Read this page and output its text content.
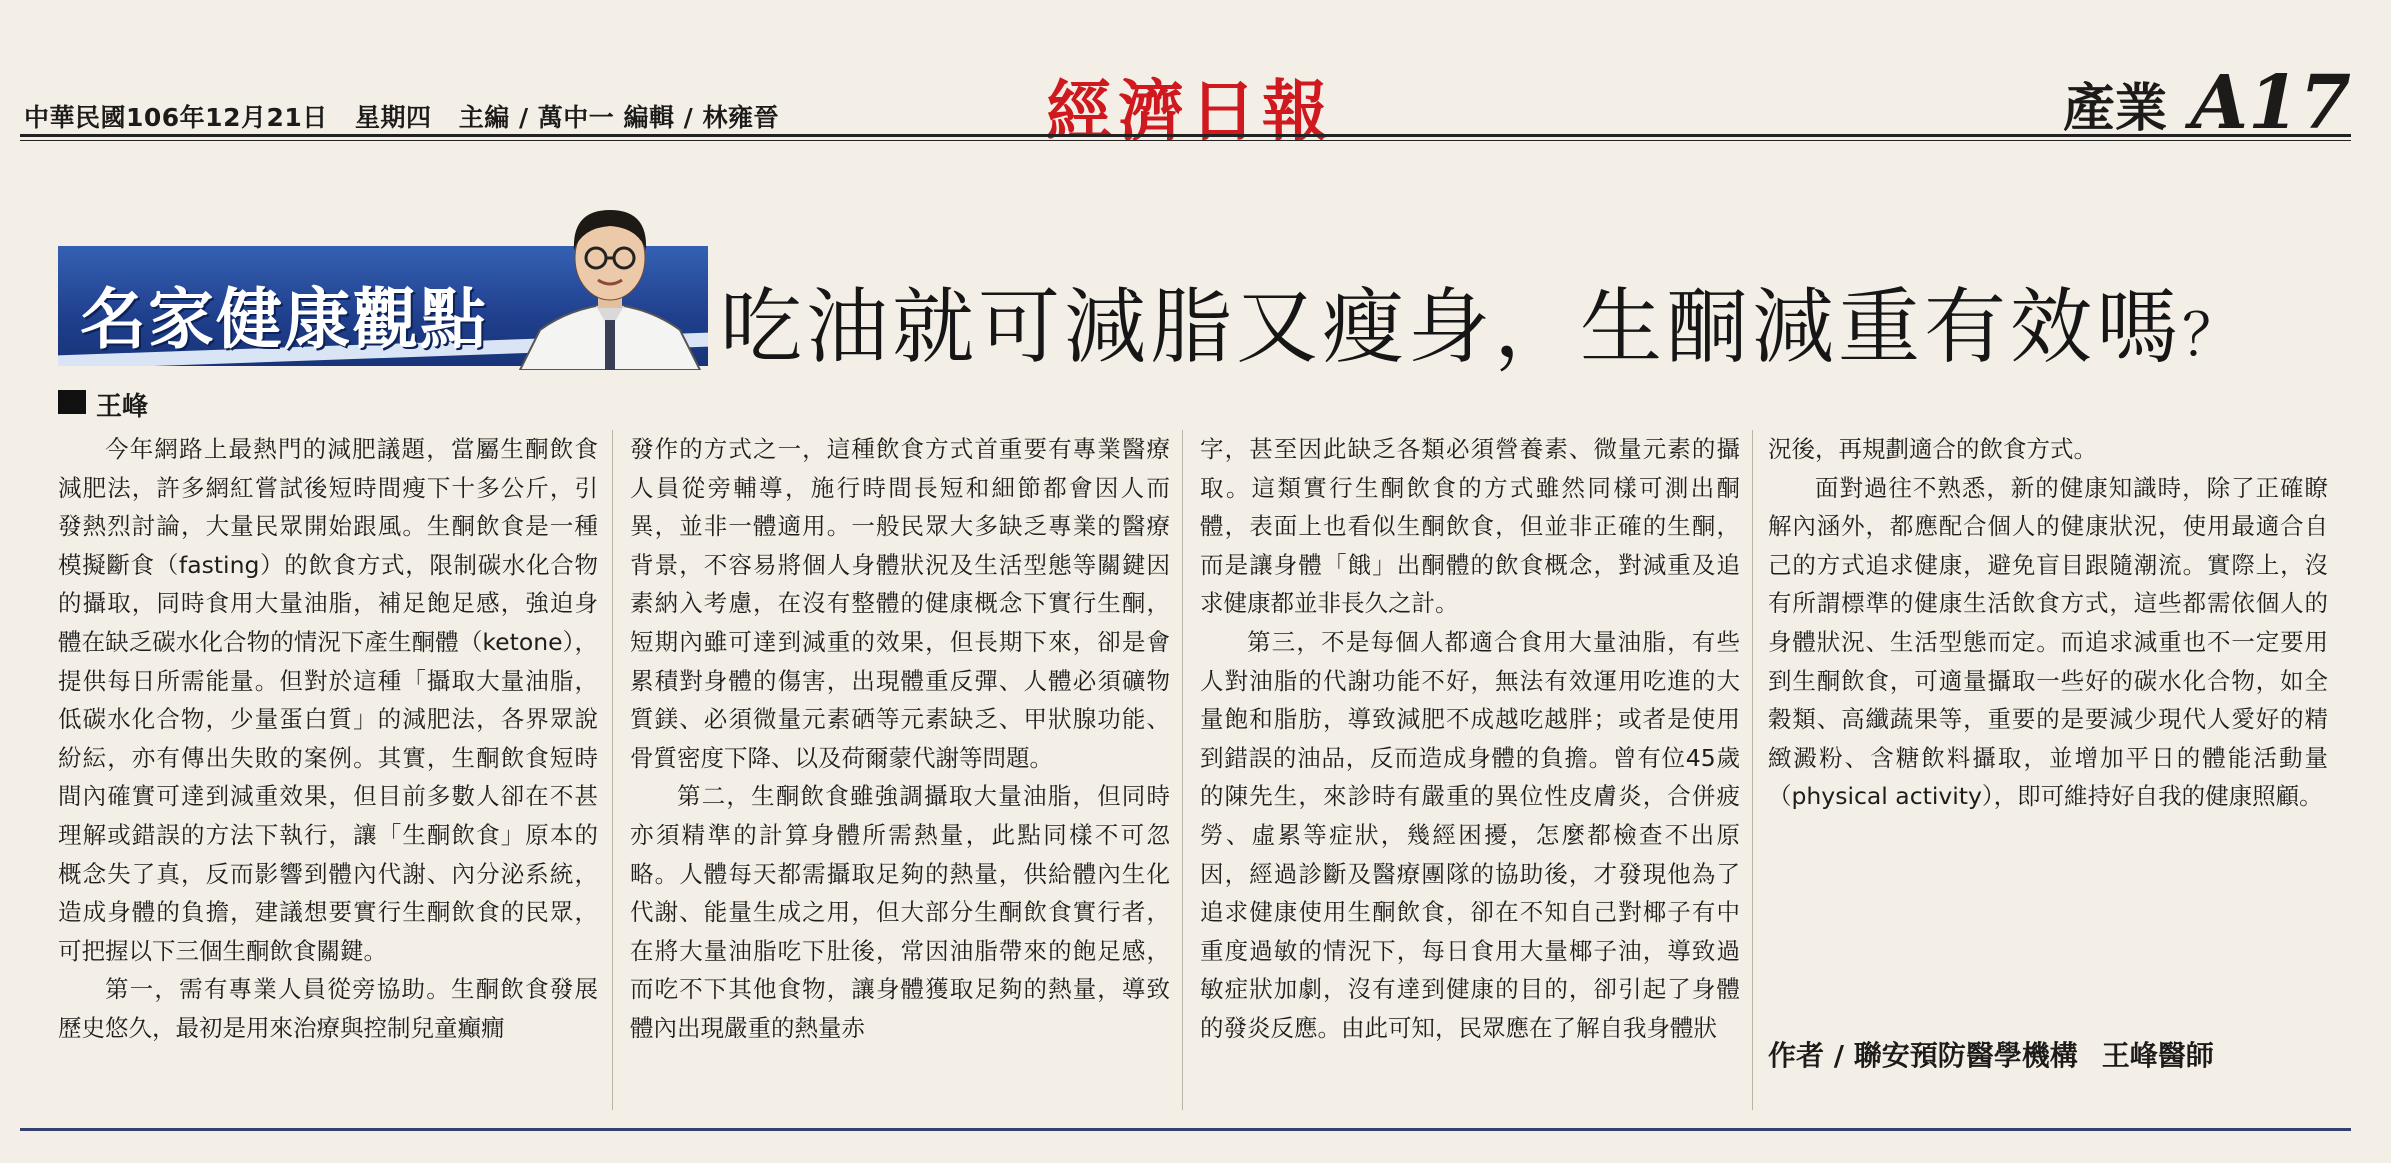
中華民國106年12月21日 星期四 主編 / 萬中一 編輯 / 林雍晉	經濟日報	產業 A17
名家健康觀點	吃油就可減脂又瘦身，生酮減重有效嗎？
王峰

今年網路上最熱門的減肥議題，當屬生酮飲食減肥法，許多網紅嘗試後短時間瘦下十多公斤，引發熱烈討論，大量民眾開始跟風。生酮飲食是一種模擬斷食（fasting）的飲食方式，限制碳水化合物的攝取，同時食用大量油脂，補足飽足感，強迫身體在缺乏碳水化合物的情況下產生酮體（ketone），提供每日所需能量。但對於這種「攝取大量油脂，低碳水化合物，少量蛋白質」的減肥法，各界眾說紛紜，亦有傳出失敗的案例。其實，生酮飲食短時間內確實可達到減重效果，但目前多數人卻在不甚理解或錯誤的方法下執行，讓「生酮飲食」原本的概念失了真，反而影響到體內代謝、內分泌系統，造成身體的負擔，建議想要實行生酮飲食的民眾，可把握以下三個生酮飲食關鍵。

第一，需有專業人員從旁協助。生酮飲食發展歷史悠久，最初是用來治療與控制兒童癲癇

發作的方式之一，這種飲食方式首重要有專業醫療人員從旁輔導，施行時間長短和細節都會因人而異，並非一體適用。一般民眾大多缺乏專業的醫療背景，不容易將個人身體狀況及生活型態等關鍵因素納入考慮，在沒有整體的健康概念下實行生酮，短期內雖可達到減重的效果，但長期下來，卻是會累積對身體的傷害，出現體重反彈、人體必須礦物質鎂、必須微量元素硒等元素缺乏、甲狀腺功能、骨質密度下降、以及荷爾蒙代謝等問題。

第二，生酮飲食雖強調攝取大量油脂，但同時亦須精準的計算身體所需熱量，此點同樣不可忽略。人體每天都需攝取足夠的熱量，供給體內生化代謝、能量生成之用，但大部分生酮飲食實行者，在將大量油脂吃下肚後，常因油脂帶來的飽足感，而吃不下其他食物，讓身體獲取足夠的熱量，導致體內出現嚴重的熱量赤

字，甚至因此缺乏各類必須營養素、微量元素的攝取。這類實行生酮飲食的方式雖然同樣可測出酮體，表面上也看似生酮飲食，但並非正確的生酮，而是讓身體「餓」出酮體的飲食概念，對減重及追求健康都並非長久之計。

第三，不是每個人都適合食用大量油脂，有些人對油脂的代謝功能不好，無法有效運用吃進的大量飽和脂肪，導致減肥不成越吃越胖；或者是使用到錯誤的油品，反而造成身體的負擔。曾有位45歲的陳先生，來診時有嚴重的異位性皮膚炎，合併疲勞、虛累等症狀，幾經困擾，怎麼都檢查不出原因，經過診斷及醫療團隊的協助後，才發現他為了追求健康使用生酮飲食，卻在不知自己對椰子有中重度過敏的情況下，每日食用大量椰子油，導致過敏症狀加劇，沒有達到健康的目的，卻引起了身體的發炎反應。由此可知，民眾應在了解自我身體狀

況後，再規劃適合的飲食方式。

面對過往不熟悉，新的健康知識時，除了正確瞭解內涵外，都應配合個人的健康狀況，使用最適合自己的方式追求健康，避免盲目跟隨潮流。實際上，沒有所謂標準的健康生活飲食方式，這些都需依個人的身體狀況、生活型態而定。而追求減重也不一定要用到生酮飲食，可適量攝取一些好的碳水化合物，如全穀類、高纖蔬果等，重要的是要減少現代人愛好的精緻澱粉、含糖飲料攝取，並增加平日的體能活動量（physical activity），即可維持好自我的健康照顧。

作者 / 聯安預防醫學機構 王峰醫師
